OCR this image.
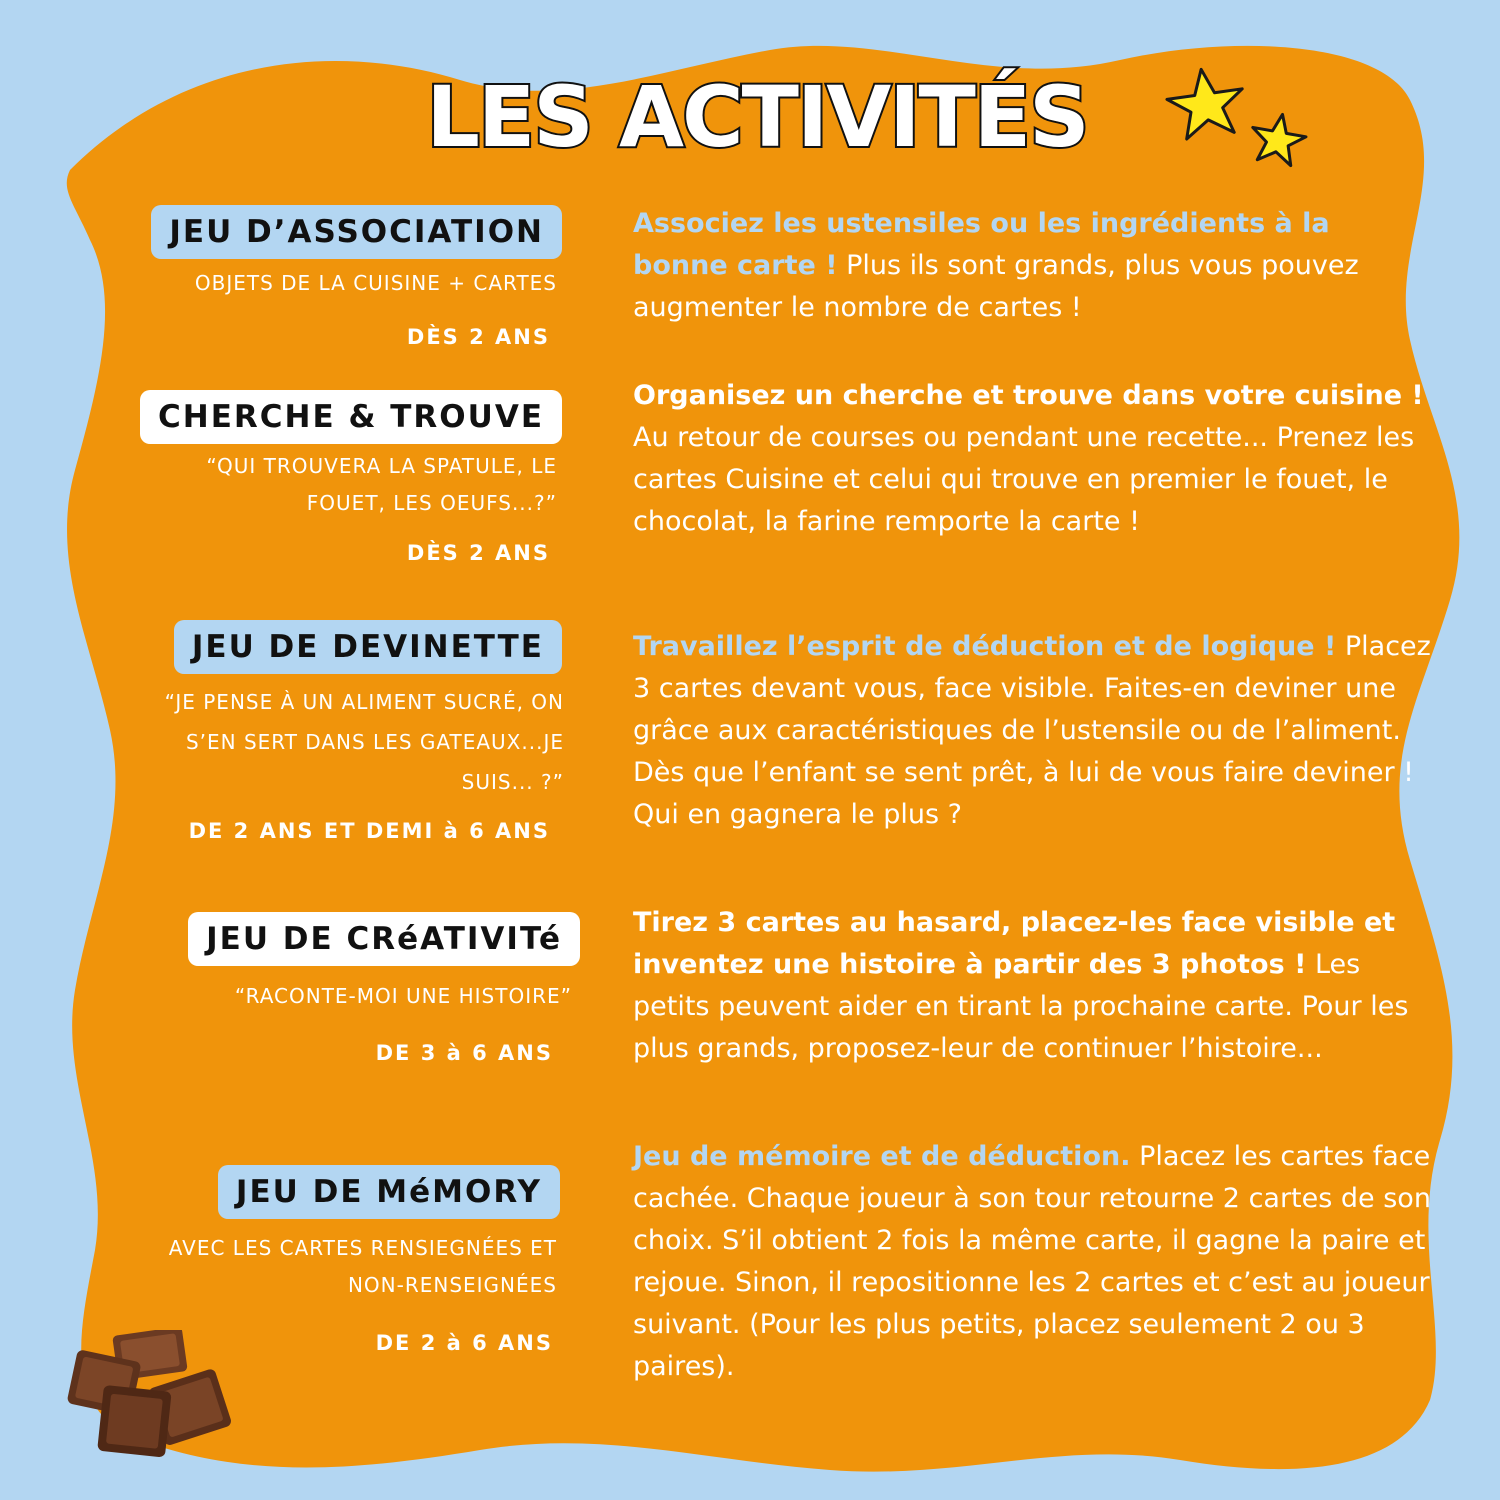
LES ACTIVITÉS
JEU D’ASSOCIATION
OBJETS DE LA CUISINE + CARTES
DÈS 2 ANS
Associez les ustensiles ou les ingrédients à la bonne carte ! Plus ils sont grands, plus vous pouvez augmenter le nombre de cartes !
CHERCHE & TROUVE
“QUI TROUVERA LA SPATULE, LE FOUET, LES OEUFS...?”
DÈS 2 ANS
Organisez un cherche et trouve dans votre cuisine ! Au retour de courses ou pendant une recette... Prenez les cartes Cuisine et celui qui trouve en premier le fouet, le chocolat, la farine remporte la carte !
JEU DE DEVINETTE
“JE PENSE À UN ALIMENT SUCRÉ, ON S’EN SERT DANS LES GATEAUX...JE SUIS... ?”
DE 2 ANS ET DEMI à 6 ANS
Travaillez l’esprit de déduction et de logique ! Placez 3 cartes devant vous, face visible. Faites-en deviner une grâce aux caractéristiques de l’ustensile ou de l’aliment. Dès que l’enfant se sent prêt, à lui de vous faire deviner ! Qui en gagnera le plus ?
JEU DE CRéATIVITé
“RACONTE-MOI UNE HISTOIRE”
DE 3 à 6 ANS
Tirez 3 cartes au hasard, placez-les face visible et inventez une histoire à partir des 3 photos ! Les petits peuvent aider en tirant la prochaine carte. Pour les plus grands, proposez-leur de continuer l’histoire...
JEU DE MéMORY
AVEC LES CARTES RENSIEGNÉES ET NON-RENSEIGNÉES
DE 2 à 6 ANS
Jeu de mémoire et de déduction. Placez les cartes face cachée. Chaque joueur à son tour retourne 2 cartes de son choix. S’il obtient 2 fois la même carte, il gagne la paire et rejoue. Sinon, il repositionne les 2 cartes et c’est au joueur suivant. (Pour les plus petits, placez seulement 2 ou 3 paires).
